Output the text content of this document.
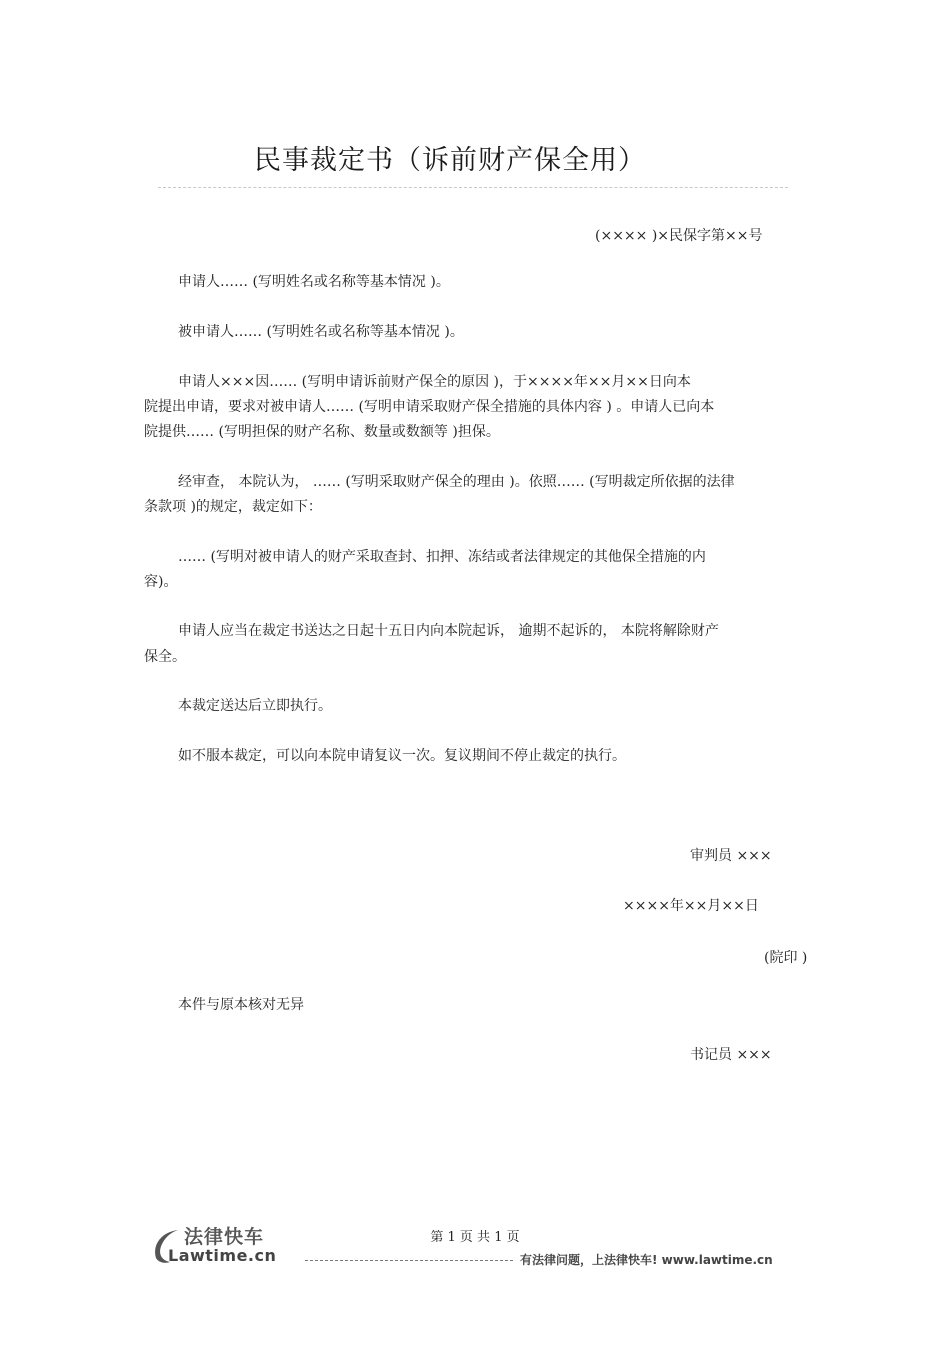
民事裁定书（诉前财产保全用）
(×××× )×民保字第××号
申请人…… (写明姓名或名称等基本情况 )。
被申请人…… (写明姓名或名称等基本情况 )。
申请人×××因…… (写明申请诉前财产保全的原因 )，于××××年××月××日向本
院提出申请，要求对被申请人…… (写明申请采取财产保全措施的具体内容 ) 。申请人已向本
院提供…… (写明担保的财产名称、数量或数额等 )担保。
经审查， 本院认为， …… (写明采取财产保全的理由 )。依照…… (写明裁定所依据的法律
条款项 )的规定，裁定如下：
…… (写明对被申请人的财产采取查封、扣押、冻结或者法律规定的其他保全措施的内
容)。
申请人应当在裁定书送达之日起十五日内向本院起诉， 逾期不起诉的， 本院将解除财产
保全。
本裁定送达后立即执行。
如不服本裁定，可以向本院申请复议一次。复议期间不停止裁定的执行。
审判员 ×××
××××年××月××日
(院印 )
本件与原本核对无异
书记员 ×××
第 1 页 共 1 页
法律快车
Lawtime.cn	有法律问题，上法律快车! www.lawtime.cn
